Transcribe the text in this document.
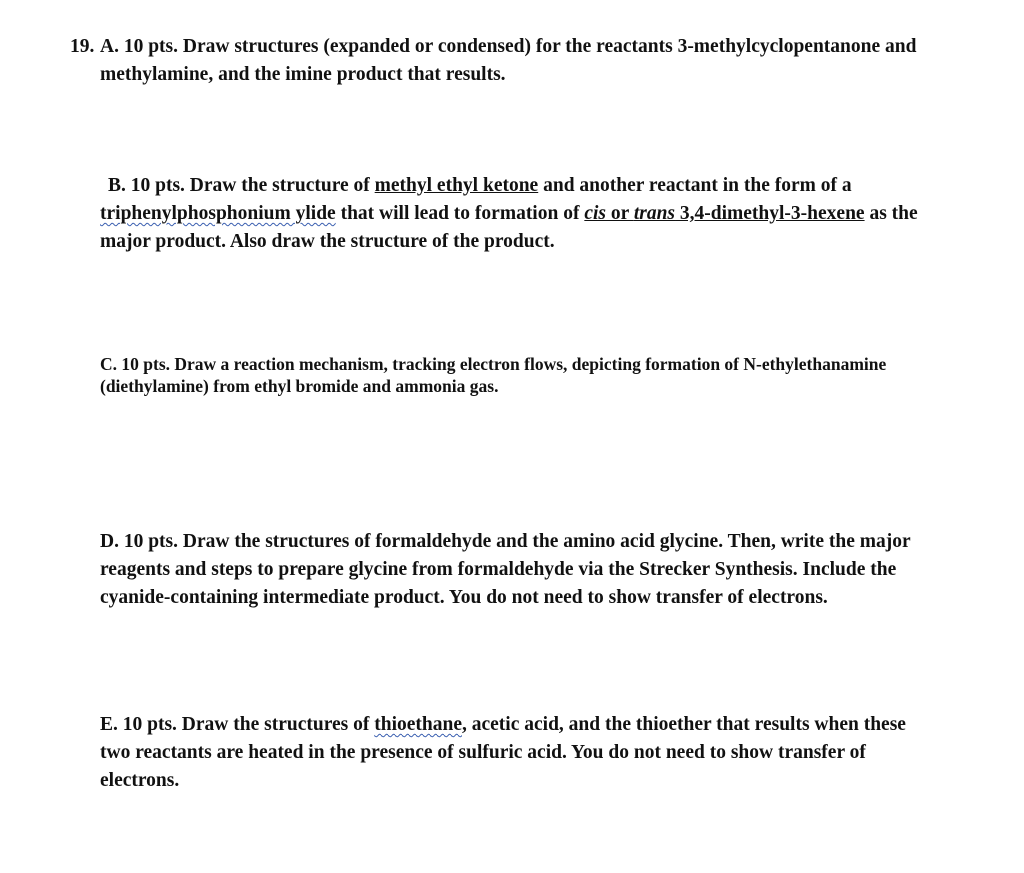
19. A. 10 pts. Draw structures (expanded or condensed) for the reactants 3-methylcyclopentanone and
methylamine, and the imine product that results.
B. 10 pts. Draw the structure of methyl ethyl ketone and another reactant in the form of a
triphenylphosphonium ylide that will lead to formation of cis or trans 3,4-dimethyl-3-hexene as the
major product. Also draw the structure of the product.
C. 10 pts. Draw a reaction mechanism, tracking electron flows, depicting formation of N-ethylethanamine
(diethylamine) from ethyl bromide and ammonia gas.
D. 10 pts. Draw the structures of formaldehyde and the amino acid glycine. Then, write the major
reagents and steps to prepare glycine from formaldehyde via the Strecker Synthesis. Include the
cyanide-containing intermediate product. You do not need to show transfer of electrons.
E. 10 pts. Draw the structures of thioethane, acetic acid, and the thioether that results when these
two reactants are heated in the presence of sulfuric acid. You do not need to show transfer of
electrons.
